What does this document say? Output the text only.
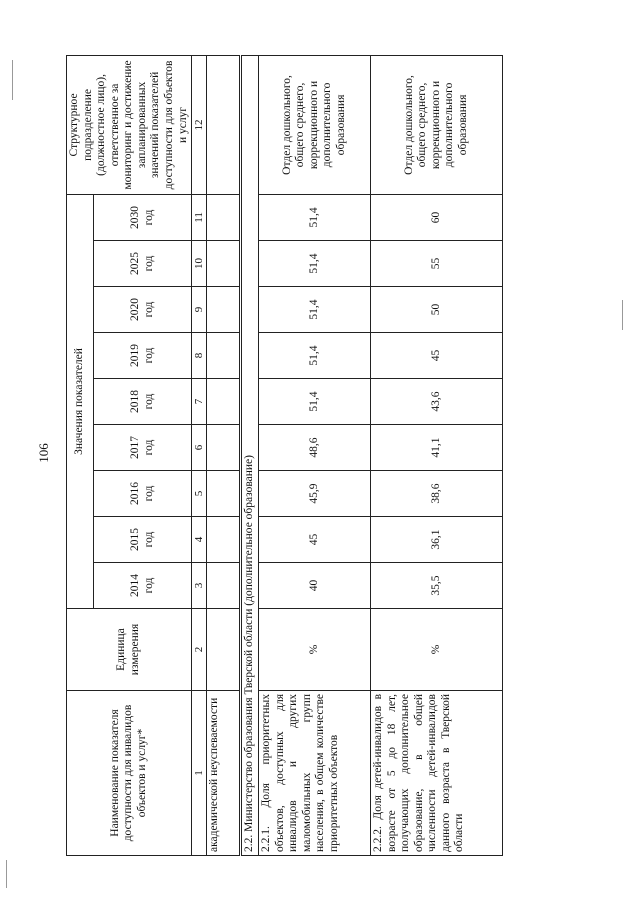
106
Наименование показателя доступности для инвалидов объектов и услуг*	Единица измерения	Значения показателей									Структурное подразделение (должностное лицо), ответственное за мониторинг и достижение запланированных значений показателей доступности для объектов и услуг
		2014 год	2015 год	2016 год	2017 год	2018 год	2019 год	2020 год	2025 год	2030 год	
1	2	3	4	5	6	7	8	9	10	11	12
академической неуспеваемости											
2.2. Министерство образования Тверской области (дополнительное образование)											
2.2.1. Доля приоритетных объектов, доступных для инвалидов и других маломобильных групп населения, в общем количестве приоритетных объектов	%	40	45	45,9	48,6	51,4	51,4	51,4	51,4	51,4	Отдел дошкольного, общего среднего, коррекционного и дополнительного образования
2.2.2. Доля детей-инвалидов в возрасте от 5 до 18 лет, получающих дополнительное образование, в общей численности детей-инвалидов данного возраста в Тверской области	%	35,5	36,1	38,6	41,1	43,6	45	50	55	60	Отдел дошкольного, общего среднего, коррекционного и дополнительного образования
